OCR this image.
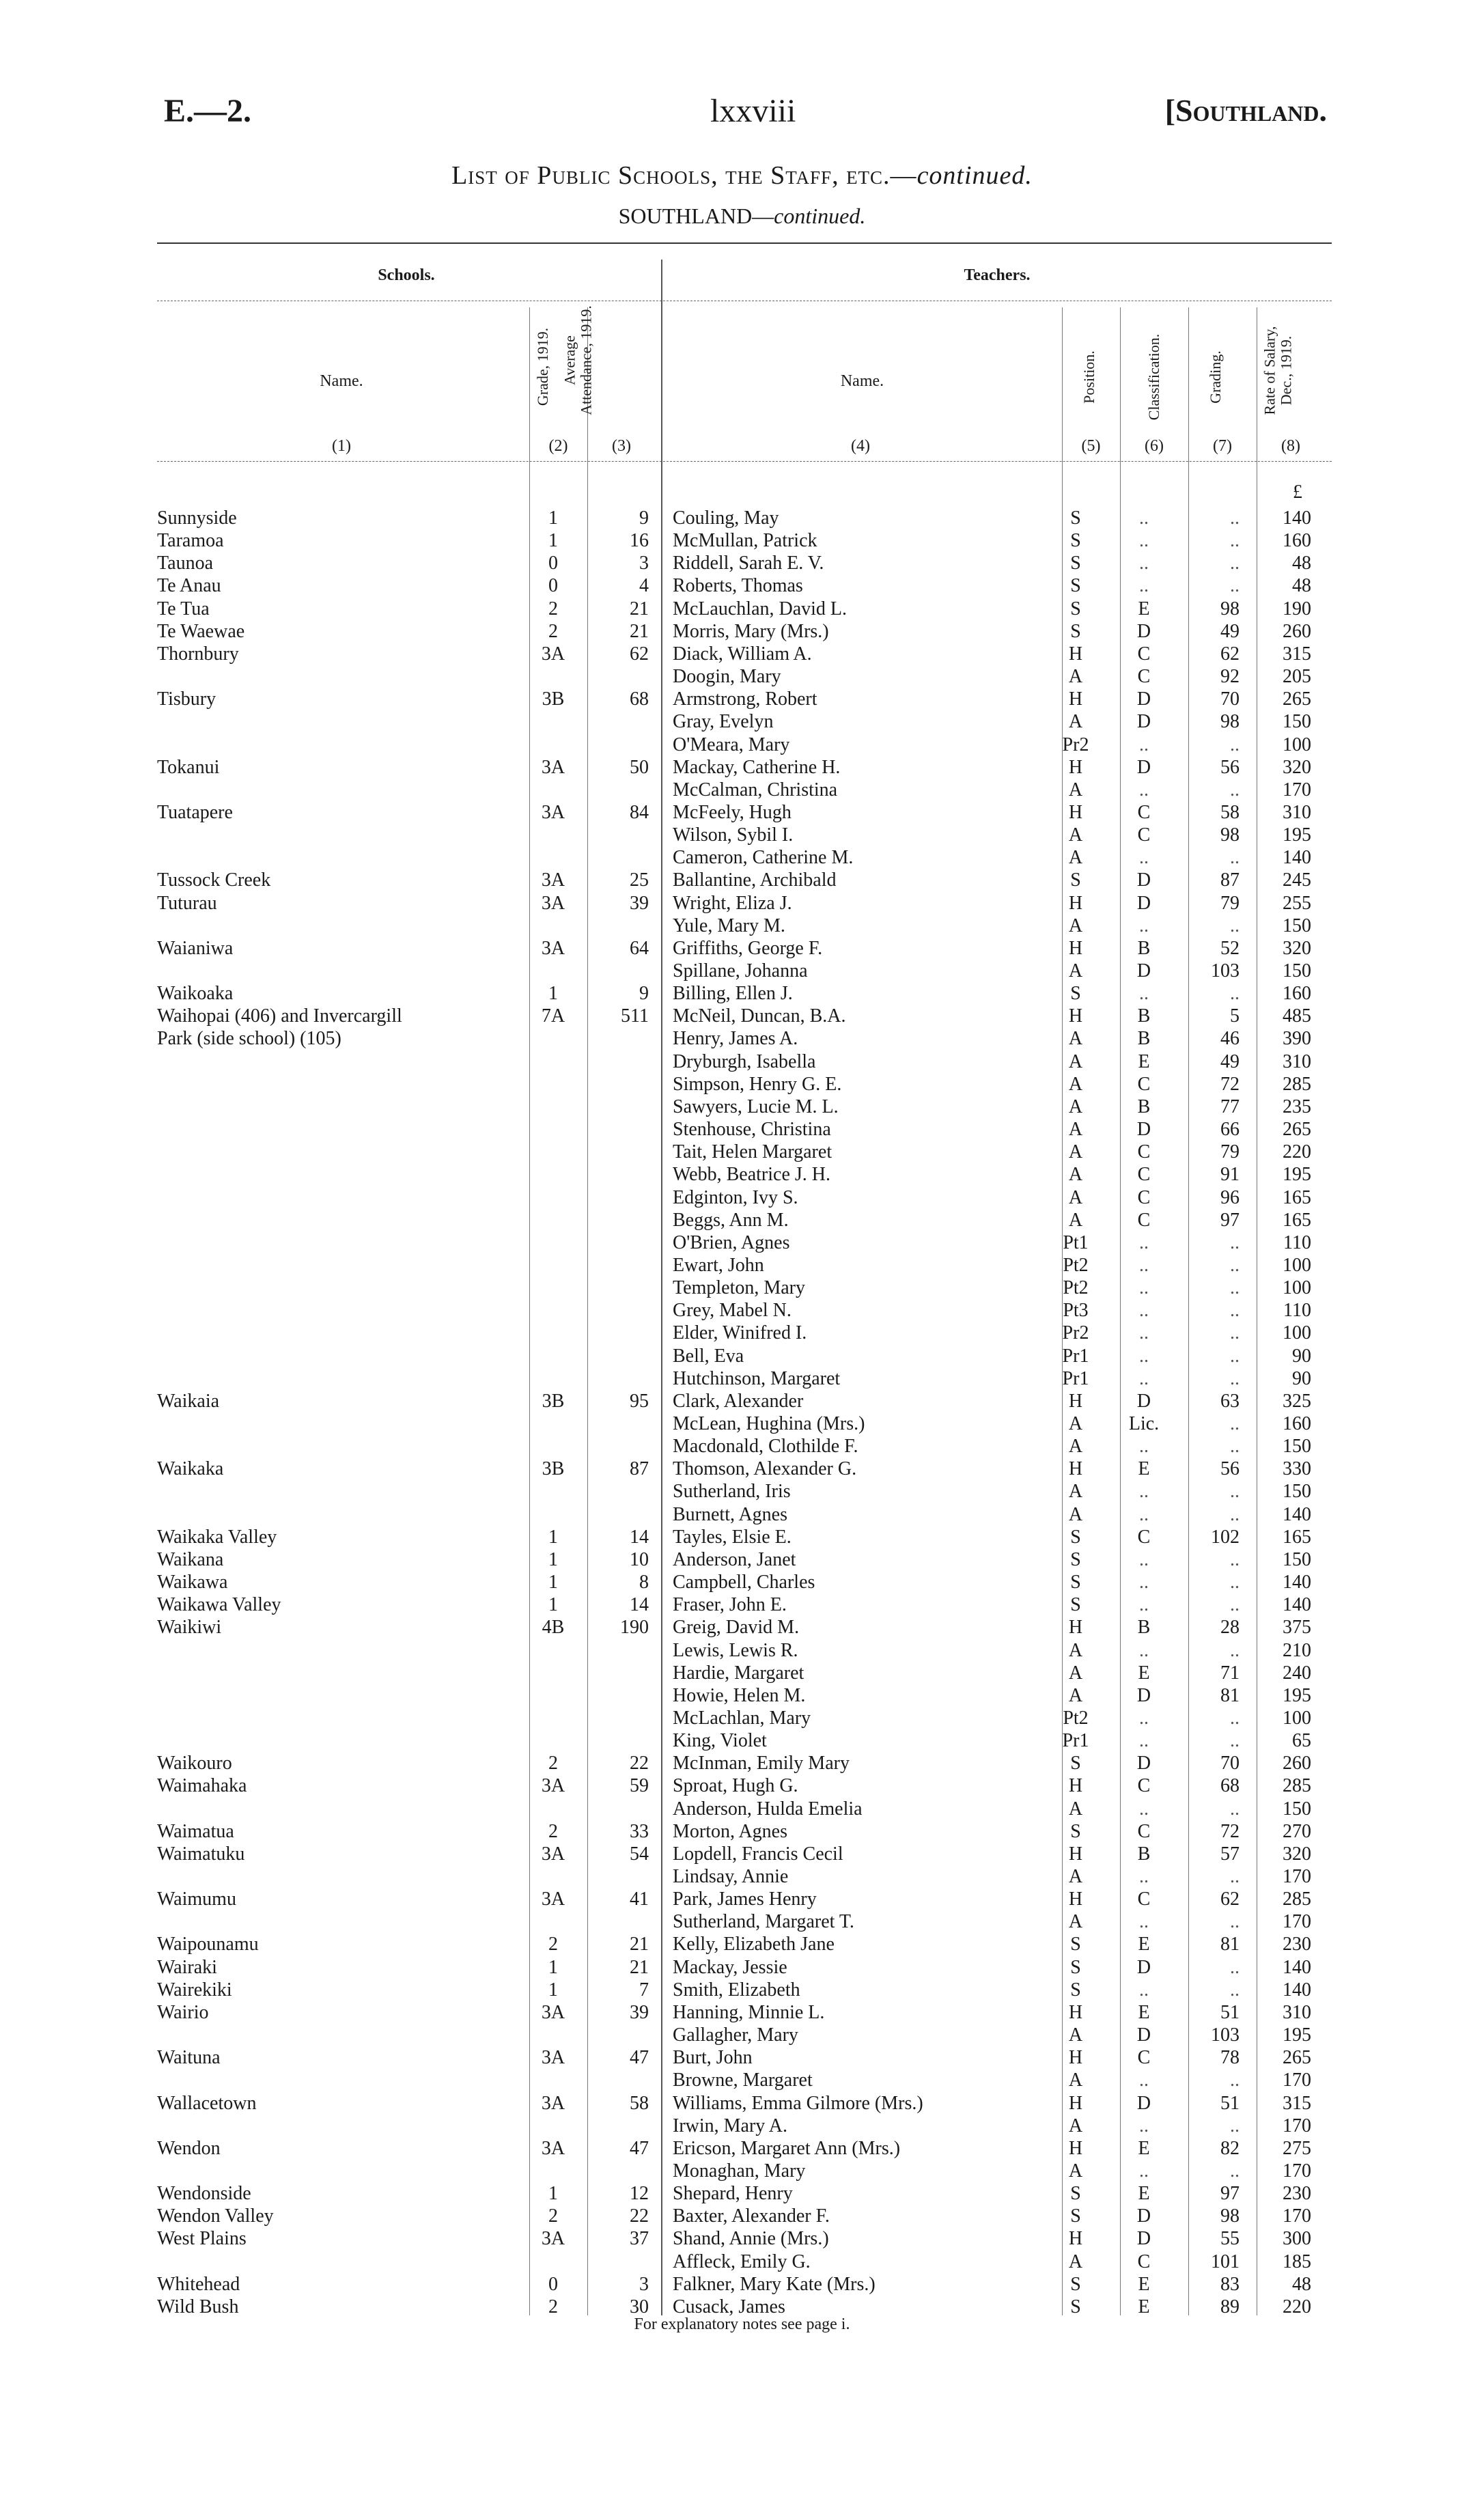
E.—2.	lxxviii	[Southland.
List of Public Schools, the Staff, etc.—continued.
SOUTHLAND—continued.
Schools.	Teachers.
Name.	Grade, 1919. Average Attendance, 1919.	Name.	Position.	Classification.	Grading. Rate of Salary, Dec., 1919.
(1)	(2)	(3)	(4)	(5)	(6)	(7)	(8)
£
Sunnyside	1	9 Couling, May	S	..	..	140
Taramoa	1	16 McMullan, Patrick	S	..	..	160
Taunoa	0	3 Riddell, Sarah E. V.	S	..	..	48
Te Anau	0	4 Roberts, Thomas	S	..	..	48
Te Tua	2	21 McLauchlan, David L.	S	E	98	190
Te Waewae	2	21 Morris, Mary (Mrs.)	S	D	49	260
Thornbury	3A	62 Diack, William A.	H	C	62	315
Doogin, Mary	A	C	92	205
Tisbury	3B	68 Armstrong, Robert	H	D	70	265
Gray, Evelyn	A	D	98	150
O'Meara, Mary	Pr2	..	..	100
Tokanui	3A	50 Mackay, Catherine H.	H	D	56	320
McCalman, Christina	A	..	..	170
Tuatapere	3A	84 McFeely, Hugh	H	C	58	310
Wilson, Sybil I.	A	C	98	195
Cameron, Catherine M.	A	..	..	140
Tussock Creek	3A	25 Ballantine, Archibald	S	D	87	245
Tuturau	3A	39 Wright, Eliza J.	H	D	79	255
Yule, Mary M.	A	..	..	150
Waianiwa	3A	64 Griffiths, George F.	H	B	52	320
Spillane, Johanna	A	D	103	150
Waikoaka	1	9 Billing, Ellen J.	S	..	..	160
Waihopai (406) and Invercargill	7A	511 McNeil, Duncan, B.A.	H	B	5	485
Park (side school) (105)	Henry, James A.	A	B	46	390
Dryburgh, Isabella	A	E	49	310
Simpson, Henry G. E.	A	C	72	285
Sawyers, Lucie M. L.	A	B	77	235
Stenhouse, Christina	A	D	66	265
Tait, Helen Margaret	A	C	79	220
Webb, Beatrice J. H.	A	C	91	195
Edginton, Ivy S.	A	C	96	165
Beggs, Ann M.	A	C	97	165
O'Brien, Agnes	Pt1	..	..	110
Ewart, John	Pt2	..	..	100
Templeton, Mary	Pt2	..	..	100
Grey, Mabel N.	Pt3	..	..	110
Elder, Winifred I.	Pr2	..	..	100
Bell, Eva	Pr1	..	..	90
Hutchinson, Margaret	Pr1	..	..	90
Waikaia	3B	95 Clark, Alexander	H	D	63	325
McLean, Hughina (Mrs.)	A	Lic.	..	160
Macdonald, Clothilde F.	A	..	..	150
Waikaka	3B	87 Thomson, Alexander G.	H	E	56	330
Sutherland, Iris	A	..	..	150
Burnett, Agnes	A	..	..	140
Waikaka Valley	1	14 Tayles, Elsie E.	S	C	102	165
Waikana	1	10 Anderson, Janet	S	..	..	150
Waikawa	1	8 Campbell, Charles	S	..	..	140
Waikawa Valley	1	14 Fraser, John E.	S	..	..	140
Waikiwi	4B	190 Greig, David M.	H	B	28	375
Lewis, Lewis R.	A	..	..	210
Hardie, Margaret	A	E	71	240
Howie, Helen M.	A	D	81	195
McLachlan, Mary	Pt2	..	..	100
King, Violet	Pr1	..	..	65
Waikouro	2	22 McInman, Emily Mary	S	D	70	260
Waimahaka	3A	59 Sproat, Hugh G.	H	C	68	285
Anderson, Hulda Emelia	A	..	..	150
Waimatua	2	33 Morton, Agnes	S	C	72	270
Waimatuku	3A	54 Lopdell, Francis Cecil	H	B	57	320
Lindsay, Annie	A	..	..	170
Waimumu	3A	41 Park, James Henry	H	C	62	285
Sutherland, Margaret T.	A	..	..	170
Waipounamu	2	21 Kelly, Elizabeth Jane	S	E	81	230
Wairaki	1	21 Mackay, Jessie	S	D	..	140
Wairekiki	1	7 Smith, Elizabeth	S	..	..	140
Wairio	3A	39 Hanning, Minnie L.	H	E	51	310
Gallagher, Mary	A	D	103	195
Waituna	3A	47 Burt, John	H	C	78	265
Browne, Margaret	A	..	..	170
Wallacetown	3A	58 Williams, Emma Gilmore (Mrs.)	H	D	51	315
Irwin, Mary A.	A	..	..	170
Wendon	3A	47 Ericson, Margaret Ann (Mrs.)	H	E	82	275
Monaghan, Mary	A	..	..	170
Wendonside	1	12 Shepard, Henry	S	E	97	230
Wendon Valley	2	22 Baxter, Alexander F.	S	D	98	170
West Plains	3A	37 Shand, Annie (Mrs.)	H	D	55	300
Affleck, Emily G.	A	C	101	185
Whitehead	0	3 Falkner, Mary Kate (Mrs.)	S	E	83	48
Wild Bush	2	30 Cusack, James	S	E	89	220
For explanatory notes see page i.
